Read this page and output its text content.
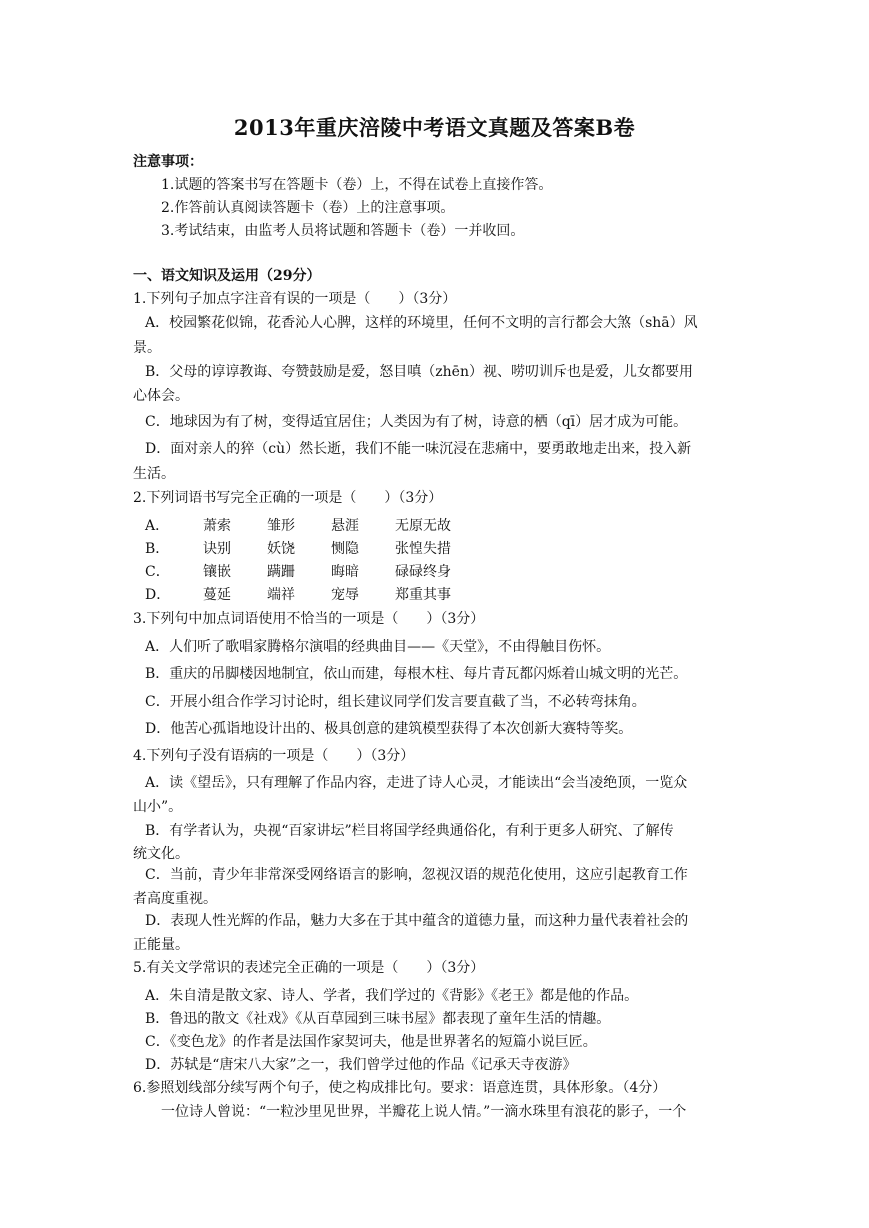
2013年重庆涪陵中考语文真题及答案B卷
注意事项：
1.试题的答案书写在答题卡（卷）上，不得在试卷上直接作答。
2.作答前认真阅读答题卡（卷）上的注意事项。
3.考试结束，由监考人员将试题和答题卡（卷）一并收回。
一、语文知识及运用（29分）
1.下列句子加点字注音有误的一项是（　　）（3分）
A．校园繁花似锦，花香沁人心脾，这样的环境里，任何不文明的言行都会大煞（shā）风
景。
B．父母的谆谆教诲、夸赞鼓励是爱，怒目嗔（zhēn）视、唠叨训斥也是爱，儿女都要用
心体会。
C．地球因为有了树，变得适宜居住；人类因为有了树，诗意的栖（qī）居才成为可能。
D．面对亲人的猝（cù）然长逝，我们不能一味沉浸在悲痛中，要勇敢地走出来，投入新
生活。
2.下列词语书写完全正确的一项是（　　）（3分）
A． 萧索	雏形	悬涯	无原无故
B． 诀别	妖饶	恻隐	张惶失措
C． 镶嵌	蹒跚	晦暗	碌碌终身
D． 蔓延	端祥	宠辱	郑重其事
3.下列句中加点词语使用不恰当的一项是（　　）（3分）
A．人们听了歌唱家腾格尔演唱的经典曲目——《天堂》，不由得触目伤怀。
B．重庆的吊脚楼因地制宜，依山而建，每根木柱、每片青瓦都闪烁着山城文明的光芒。
C．开展小组合作学习讨论时，组长建议同学们发言要直截了当，不必转弯抹角。
D．他苦心孤诣地设计出的、极具创意的建筑模型获得了本次创新大赛特等奖。
4.下列句子没有语病的一项是（　　）（3分）
A．读《望岳》，只有理解了作品内容，走进了诗人心灵，才能读出“会当凌绝顶，一览众
山小”。
B．有学者认为，央视“百家讲坛”栏目将国学经典通俗化，有利于更多人研究、了解传
统文化。
C．当前，青少年非常深受网络语言的影响，忽视汉语的规范化使用，这应引起教育工作
者高度重视。
D．表现人性光辉的作品，魅力大多在于其中蕴含的道德力量，而这种力量代表着社会的
正能量。
5.有关文学常识的表述完全正确的一项是（　　）（3分）
A．朱自清是散文家、诗人、学者，我们学过的《背影》《老王》都是他的作品。
B．鲁迅的散文《社戏》《从百草园到三味书屋》都表现了童年生活的情趣。
C．《变色龙》的作者是法国作家契诃夫，他是世界著名的短篇小说巨匠。
D．苏轼是“唐宋八大家”之一，我们曾学过他的作品《记承天寺夜游》
6.参照划线部分续写两个句子，使之构成排比句。要求：语意连贯，具体形象。（4分）
一位诗人曾说：“一粒沙里见世界，半瓣花上说人情。”一滴水珠里有浪花的影子，一个
